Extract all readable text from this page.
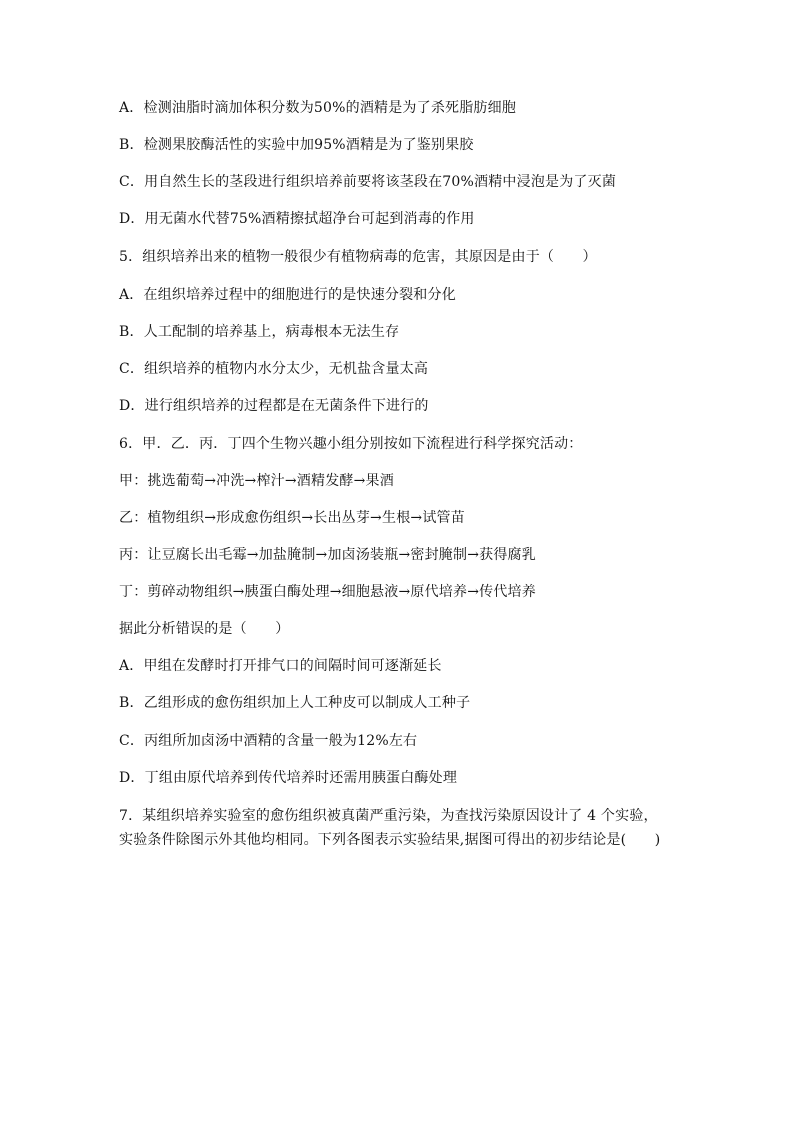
A．检测油脂时滴加体积分数为50%的酒精是为了杀死脂肪细胞
B．检测果胶酶活性的实验中加95%酒精是为了鉴别果胶
C．用自然生长的茎段进行组织培养前要将该茎段在70%酒精中浸泡是为了灭菌
D．用无菌水代替75%酒精擦拭超净台可起到消毒的作用
5．组织培养出来的植物一般很少有植物病毒的危害，其原因是由于（　　）
A．在组织培养过程中的细胞进行的是快速分裂和分化
B．人工配制的培养基上，病毒根本无法生存
C．组织培养的植物内水分太少，无机盐含量太高
D．进行组织培养的过程都是在无菌条件下进行的
6．甲．乙．丙．丁四个生物兴趣小组分别按如下流程进行科学探究活动：
甲：挑选葡萄→冲洗→榨汁→酒精发酵→果酒
乙：植物组织→形成愈伤组织→长出丛芽→生根→试管苗
丙：让豆腐长出毛霉→加盐腌制→加卤汤装瓶→密封腌制→获得腐乳
丁：剪碎动物组织→胰蛋白酶处理→细胞悬液→原代培养→传代培养
据此分析错误的是（　　）
A．甲组在发酵时打开排气口的间隔时间可逐渐延长
B．乙组形成的愈伤组织加上人工种皮可以制成人工种子
C．丙组所加卤汤中酒精的含量一般为12%左右
D．丁组由原代培养到传代培养时还需用胰蛋白酶处理
7．某组织培养实验室的愈伤组织被真菌严重污染，为查找污染原因设计了 4 个实验，
实验条件除图示外其他均相同。下列各图表示实验结果,据图可得出的初步结论是(　　)
